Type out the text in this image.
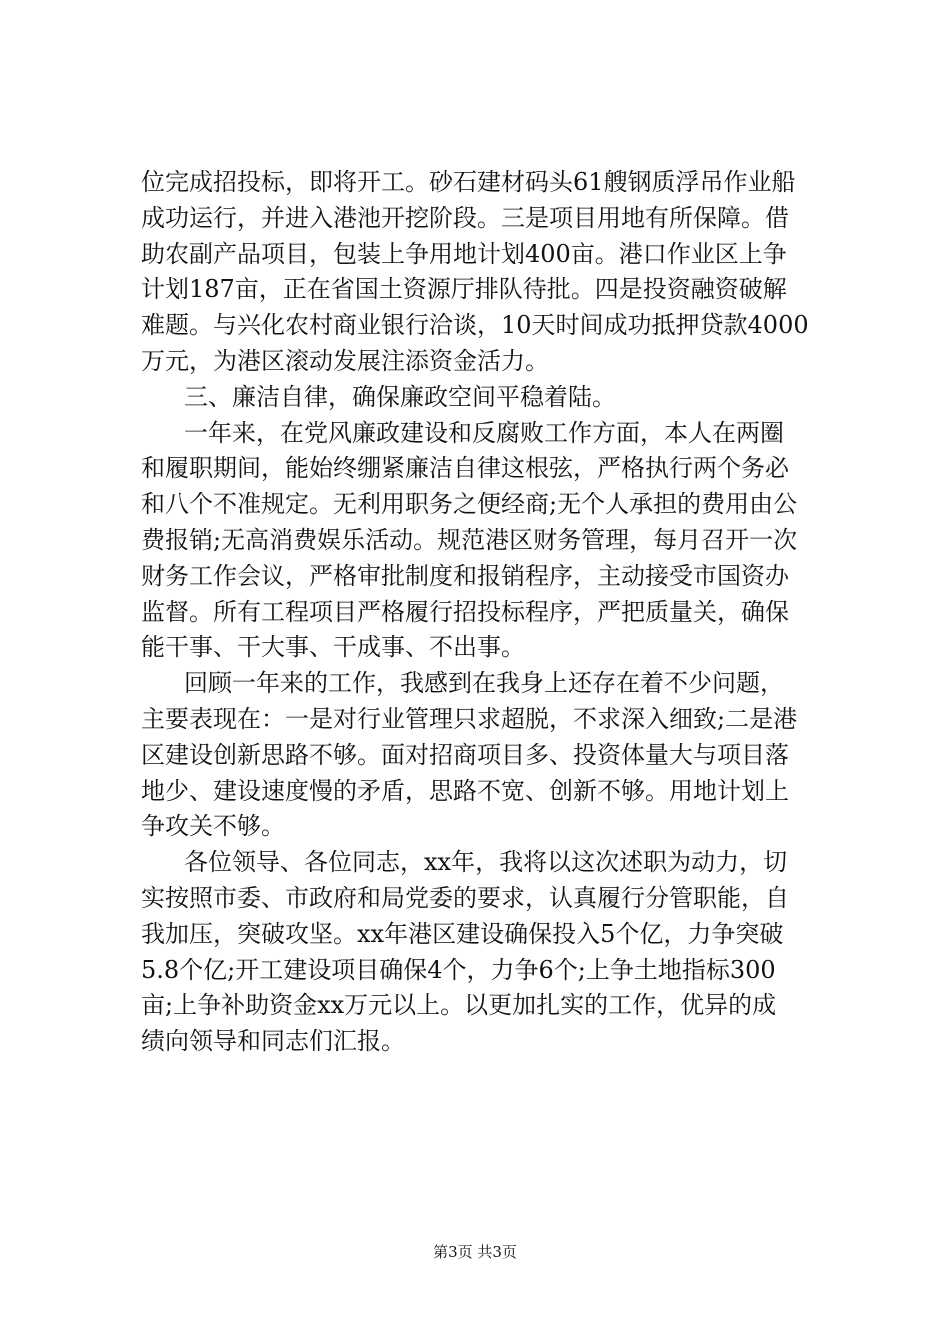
位完成招投标，即将开工。砂石建材码头61艘钢质浮吊作业船
成功运行，并进入港池开挖阶段。三是项目用地有所保障。借
助农副产品项目，包装上争用地计划400亩。港口作业区上争
计划187亩，正在省国土资源厅排队待批。四是投资融资破解
难题。与兴化农村商业银行洽谈，10天时间成功抵押贷款4000
万元，为港区滚动发展注添资金活力。
三、廉洁自律，确保廉政空间平稳着陆。
一年来，在党风廉政建设和反腐败工作方面，本人在两圈
和履职期间，能始终绷紧廉洁自律这根弦，严格执行两个务必
和八个不准规定。无利用职务之便经商;无个人承担的费用由公
费报销;无高消费娱乐活动。规范港区财务管理，每月召开一次
财务工作会议，严格审批制度和报销程序，主动接受市国资办
监督。所有工程项目严格履行招投标程序，严把质量关，确保
能干事、干大事、干成事、不出事。
回顾一年来的工作，我感到在我身上还存在着不少问题，
主要表现在：一是对行业管理只求超脱，不求深入细致;二是港
区建设创新思路不够。面对招商项目多、投资体量大与项目落
地少、建设速度慢的矛盾，思路不宽、创新不够。用地计划上
争攻关不够。
各位领导、各位同志，xx年，我将以这次述职为动力，切
实按照市委、市政府和局党委的要求，认真履行分管职能，自
我加压，突破攻坚。xx年港区建设确保投入5个亿，力争突破
5.8个亿;开工建设项目确保4个，力争6个;上争土地指标300
亩;上争补助资金xx万元以上。以更加扎实的工作，优异的成
绩向领导和同志们汇报。
第3页 共3页
